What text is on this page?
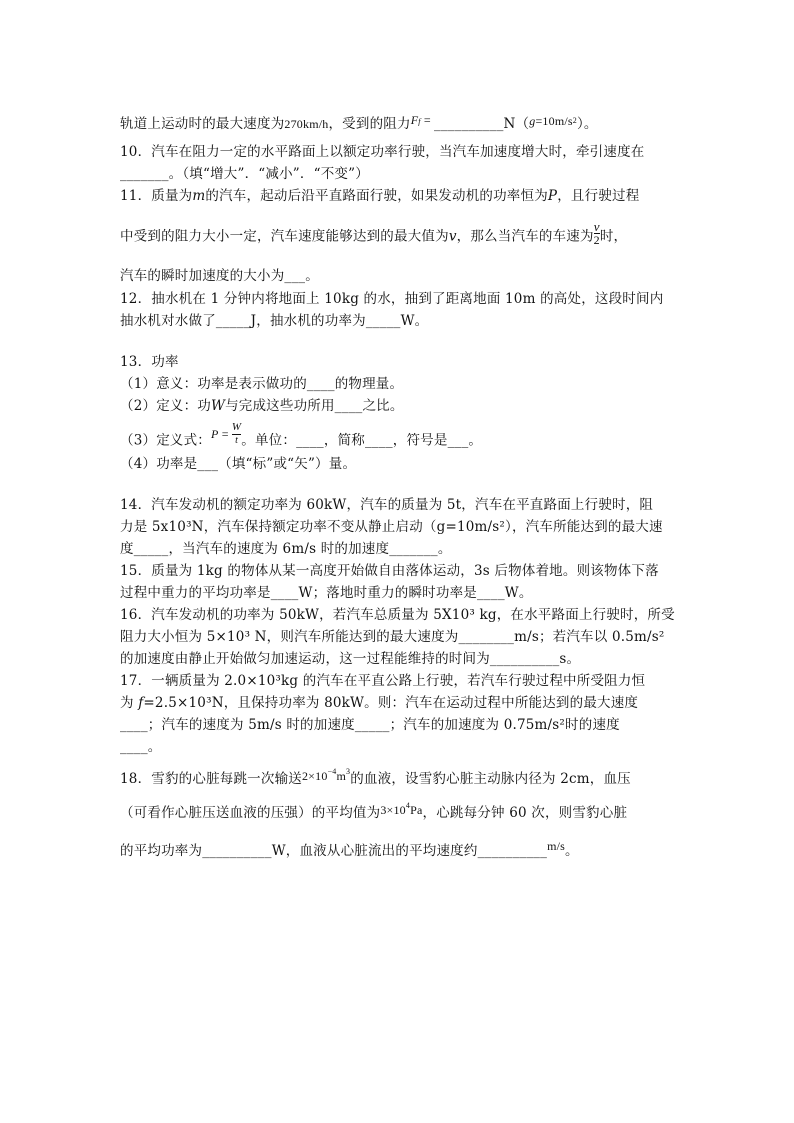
轨道上运动时的最大速度为270km/h，受到的阻力$Ff = \_\_\_\_\_\_\_\_\_\_N(g=10m/s^2)$。
10．汽车在阻力一定的水平路面上以额定功率行驶，当汽车加速度增大时，牵引速度在
_______。（填“增大”．“减小”．“不变”）
11．质量为m的汽车，起动后沿平直路面行驶，如果发动机的功率恒为P，且行驶过程
中受到的阻力大小一定，汽车速度能够达到的最大值为v，那么当汽车的车速为 $\frac{v}{2}$ 时，
汽车的瞬时加速度的大小为___。
12．抽水机在 1 分钟内将地面上 10kg 的水，抽到了距离地面 10m 的高处，这段时间内
抽水机对水做了_____J，抽水机的功率为_____W。
13．功率
（1）意义：功率是表示做功的____的物理量。
（2）定义：功W与完成这些功所用____之比。
（3）定义式：$P = \frac{W}{t}$ 。单位：____，简称____，符号是___。
（4）功率是___（填“标”或“矢”）量。
14．汽车发动机的额定功率为 60kW，汽车的质量为 5t，汽车在平直路面上行驶时，阻
力是 5x10³N，汽车保持额定功率不变从静止启动（g=10m/s²），汽车所能达到的最大速
度_____，当汽车的速度为 6m/s 时的加速度_______。
15．质量为 1kg 的物体从某一高度开始做自由落体运动，3s 后物体着地。则该物体下落
过程中重力的平均功率是____W；落地时重力的瞬时功率是____W。
16．汽车发动机的功率为 50kW，若汽车总质量为 5X10³ kg，在水平路面上行驶时，所受
阻力大小恒为 5×10³ N，则汽车所能达到的最大速度为________m/s；若汽车以 0.5m/s²
的加速度由静止开始做匀加速运动，这一过程能维持的时间为__________s。
17．一辆质量为 2.0×10³kg 的汽车在平直公路上行驶，若汽车行驶过程中所受阻力恒
为 f=2.5×10³N，且保持功率为 80kW。则：汽车在运动过程中所能达到的最大速度
____；汽车的速度为 5m/s 时的加速度_____；汽车的加速度为 0.75m/s²时的速度
____。
18．雪豹的心脏每跳一次输送$2\times 10^{-4}m^3$的血液，设雪豹心脏主动脉内径为 2cm，血压
（可看作心脏压送血液的压强）的平均值为$3\times 10^4Pa$，心跳每分钟 60 次，则雪豹心脏
的平均功率为__________W，血液从心脏流出的平均速度约__________m/s。
